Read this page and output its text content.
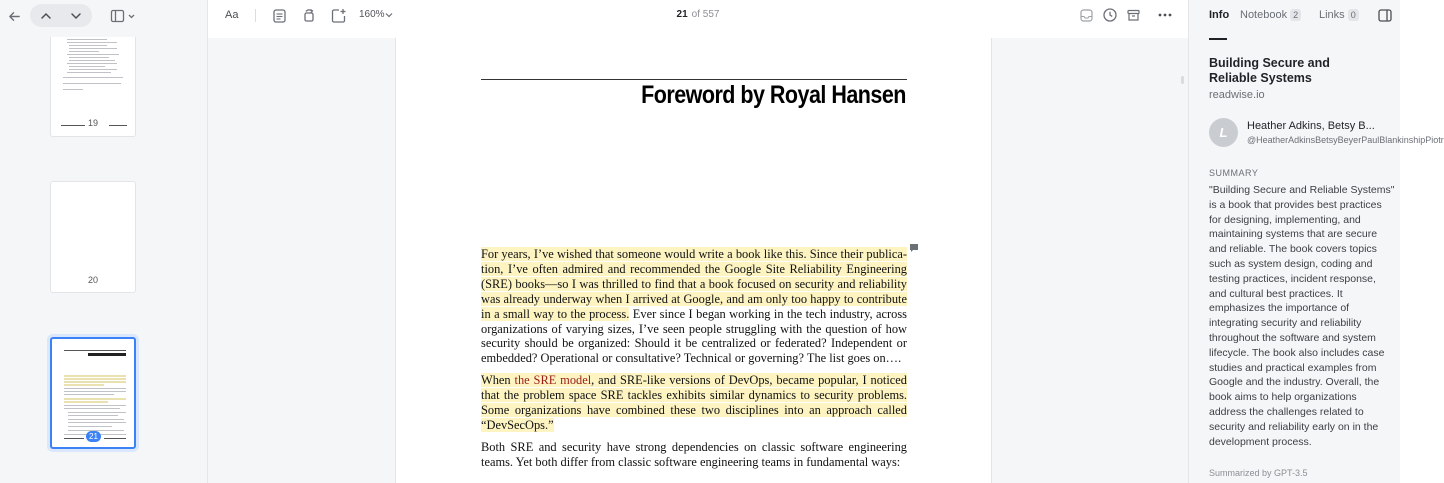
19
20
21
Aa	160%	21 of 557
Foreword by Royal Hansen
For years, I’ve wished that someone would write a book like this. Since their publica-tion, I’ve often admired and recommended the Google Site Reliability Engineering (SRE) books—so I was thrilled to find that a book focused on security and reliability was already underway when I arrived at Google, and am only too happy to contribute in a small way to the process. Ever since I began working in the tech industry, across organizations of varying sizes, I’ve seen people struggling with the question of how security should be organized: Should it be centralized or federated? Independent or embedded? Operational or consultative? Technical or governing? The list goes on….
When the SRE model, and SRE-like versions of DevOps, became popular, I noticed that the problem space SRE tackles exhibits similar dynamics to security problems. Some organizations have combined these two disciplines into an approach called “DevSecOps.”
Both SRE and security have strong dependencies on classic software engineering teams. Yet both differ from classic software engineering teams in fundamental ways:
Info Notebook 2 Links 0
Building Secure and Reliable Systems
readwise.io
L	Heather Adkins, Betsy B...
@HeatherAdkinsBetsyBeyerPaulBlankinshipPiotr
SUMMARY
"Building Secure and Reliable Systems" is a book that provides best practices for designing, implementing, and maintaining systems that are secure and reliable. The book covers topics such as system design, coding and testing practices, incident response, and cultural best practices. It emphasizes the importance of integrating security and reliability throughout the software and system lifecycle. The book also includes case studies and practical examples from Google and the industry. Overall, the book aims to help organizations address the challenges related to security and reliability early on in the development process.
Summarized by GPT-3.5
